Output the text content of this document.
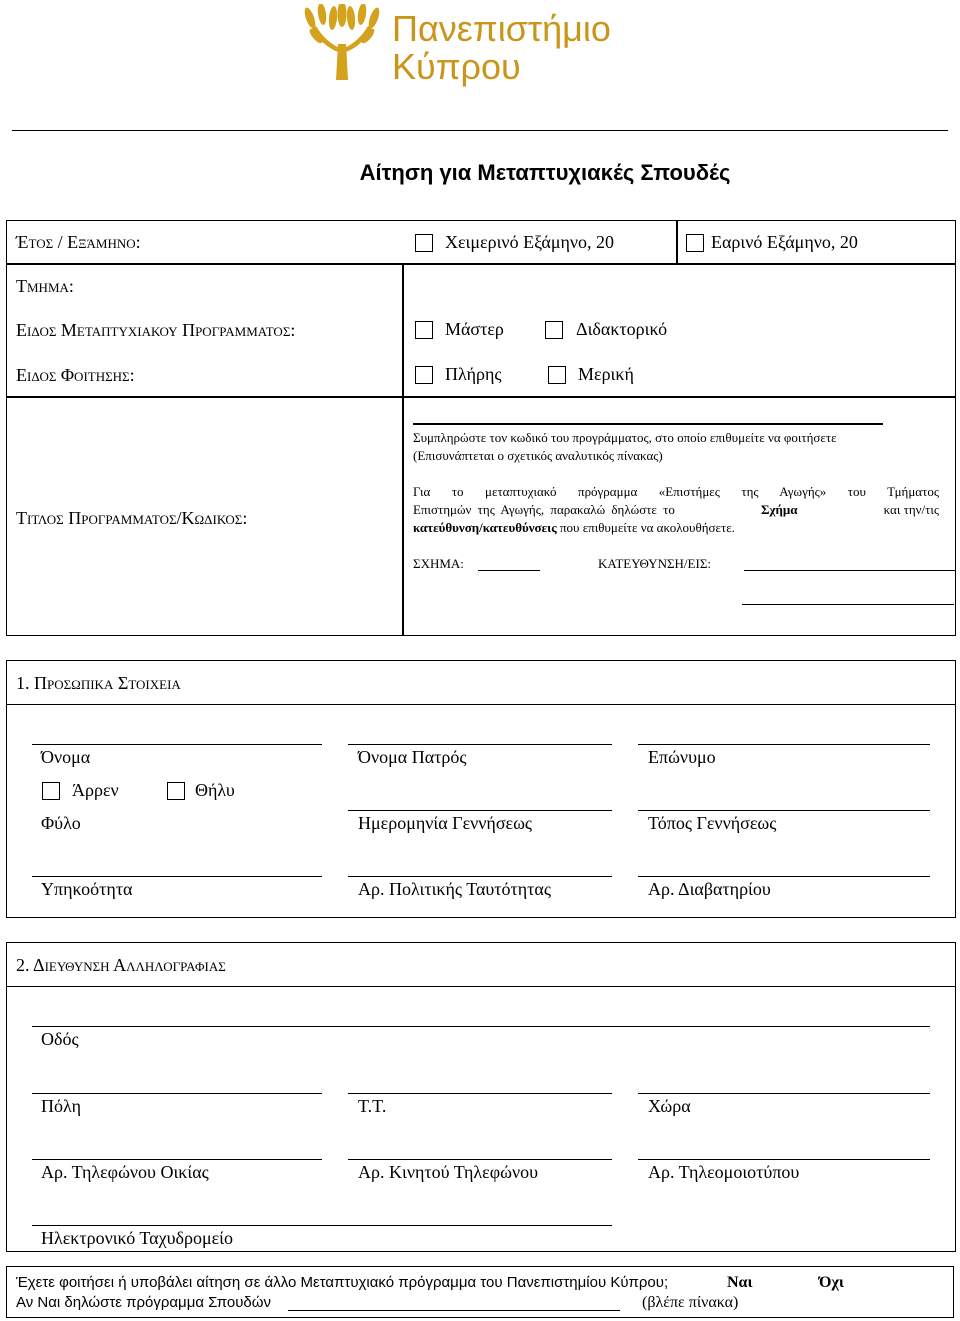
Πανεπιστήμιο
Κύπρου
Αίτηση για Μεταπτυχιακές Σπουδές
Έτος / Εξάμηνο:	Χειμερινό Εξάμηνο, 20	Εαρινό Εξάμηνο, 20
Τμημα:
Ειδος Μεταπτυχιακου Προγραμματος:	Μάστερ	Διδακτορικό
Ειδος Φοιτησης:	Πλήρης	Μερική
Τιτλος Προγραμματος/Κωδικος:
Συμπληρώστε τον κωδικό του προγράμματος, στο οποίο επιθυμείτε να φοιτήσετε
(Επισυνάπτεται ο σχετικός αναλυτικός πίνακας)
Για το μεταπτυχιακό πρόγραμμα «Επιστήμες της Αγωγής» του Τμήματος
Επιστημών της Αγωγής, παρακαλώ δηλώστε το	Σχήμα	και την/τις
κατεύθυνση/κατευθύνσεις που επιθυμείτε να ακολουθήσετε.
ΣΧΗΜΑ:	ΚΑΤΕΥΘΥΝΣΗ/ΕΙΣ:
1. Προσωπικα Στοιχεια
Όνομα	Όνομα Πατρός	Επώνυμο
Άρρεν	Θήλυ
Φύλο	Ημερομηνία Γεννήσεως	Τόπος Γεννήσεως
Υπηκοότητα	Αρ. Πολιτικής Ταυτότητας	Αρ. Διαβατηρίου
2. Διευθυνση Αλληλογραφιας
Οδός
Πόλη	Τ.Τ.	Χώρα
Αρ. Τηλεφώνου Οικίας	Αρ. Κινητού Τηλεφώνου	Αρ. Τηλεομοιοτύπου
Ηλεκτρονικό Ταχυδρομείο
Έχετε φοιτήσει ή υποβάλει αίτηση σε άλλο Μεταπτυχιακό πρόγραμμα του Πανεπιστημίου Κύπρου;	Ναι	Όχι
Αν Ναι δηλώστε πρόγραμμα Σπουδών	(βλέπε πίνακα)
